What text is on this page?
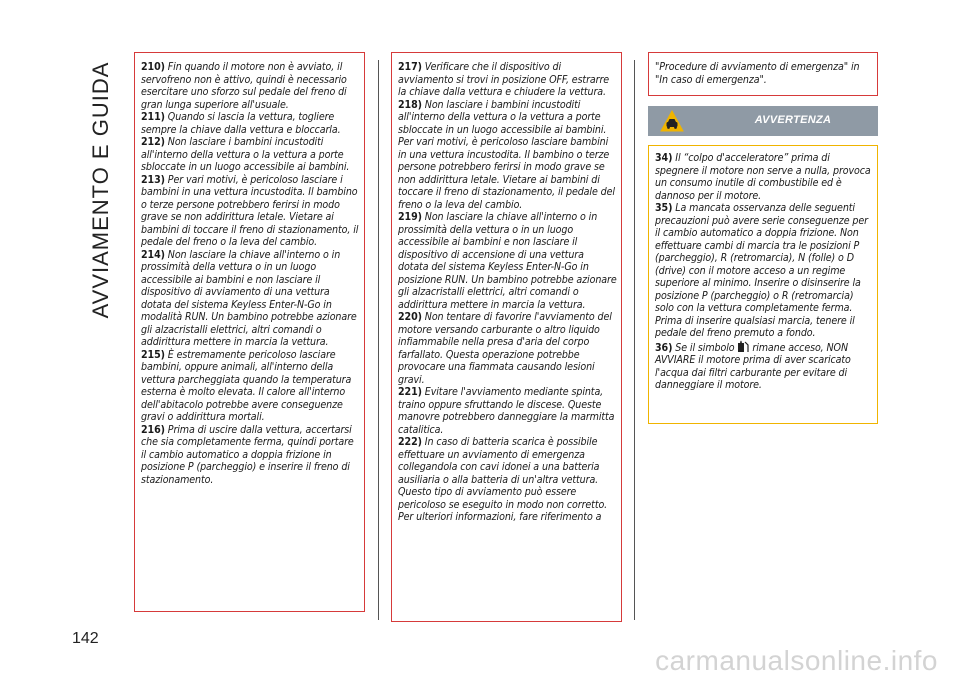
AVVIAMENTO E GUIDA	210) Fin quando il motore non è avviato, il servofreno non è attivo, quindi è necessario esercitare uno sforzo sul pedale del freno di gran lunga superiore all'usuale.

211) Quando si lascia la vettura, togliere sempre la chiave dalla vettura e bloccarla.

212) Non lasciare i bambini incustoditi all'interno della vettura o la vettura a porte sbloccate in un luogo accessibile ai bambini.

213) Per vari motivi, è pericoloso lasciare i bambini in una vettura incustodita. Il bambino o terze persone potrebbero ferirsi in modo grave se non addirittura letale. Vietare ai bambini di toccare il freno di stazionamento, il pedale del freno o la leva del cambio.

214) Non lasciare la chiave all'interno o in prossimità della vettura o in un luogo accessibile ai bambini e non lasciare il dispositivo di avviamento di una vettura dotata del sistema Keyless Enter-N-Go in modalità RUN. Un bambino potrebbe azionare gli alzacristalli elettrici, altri comandi o addirittura mettere in marcia la vettura.

215) È estremamente pericoloso lasciare bambini, oppure animali, all'interno della vettura parcheggiata quando la temperatura esterna è molto elevata. Il calore all'interno dell'abitacolo potrebbe avere conseguenze gravi o addirittura mortali.

216) Prima di uscire dalla vettura, accertarsi che sia completamente ferma, quindi portare il cambio automatico a doppia frizione in posizione P (parcheggio) e inserire il freno di stazionamento.

217) Verificare che il dispositivo di avviamento si trovi in posizione OFF, estrarre la chiave dalla vettura e chiudere la vettura.

218) Non lasciare i bambini incustoditi all'interno della vettura o la vettura a porte sbloccate in un luogo accessibile ai bambini. Per vari motivi, è pericoloso lasciare bambini in una vettura incustodita. Il bambino o terze persone potrebbero ferirsi in modo grave se non addirittura letale. Vietare ai bambini di toccare il freno di stazionamento, il pedale del freno o la leva del cambio.

219) Non lasciare la chiave all'interno o in prossimità della vettura o in un luogo accessibile ai bambini e non lasciare il dispositivo di accensione di una vettura dotata del sistema Keyless Enter-N-Go in posizione RUN. Un bambino potrebbe azionare gli alzacristalli elettrici, altri comandi o addirittura mettere in marcia la vettura.

220) Non tentare di favorire l'avviamento del motore versando carburante o altro liquido infiammabile nella presa d'aria del corpo farfallato. Questa operazione potrebbe provocare una fiammata causando lesioni gravi.

221) Evitare l'avviamento mediante spinta, traino oppure sfruttando le discese. Queste manovre potrebbero danneggiare la marmitta catalitica.

222) In caso di batteria scarica è possibile effettuare un avviamento di emergenza collegandola con cavi idonei a una batteria ausiliaria o alla batteria di un'altra vettura. Questo tipo di avviamento può essere pericoloso se eseguito in modo non corretto. Per ulteriori informazioni, fare riferimento a

"Procedure di avviamento di emergenza" in "In caso di emergenza".

AVVERTENZA

34) Il “colpo d'acceleratore” prima di spegnere il motore non serve a nulla, provoca un consumo inutile di combustibile ed è dannoso per il motore.

35) La mancata osservanza delle seguenti precauzioni può avere serie conseguenze per il cambio automatico a doppia frizione. Non effettuare cambi di marcia tra le posizioni P (parcheggio), R (retromarcia), N (folle) o D (drive) con il motore acceso a un regime superiore al minimo. Inserire o disinserire la posizione P (parcheggio) o R (retromarcia) solo con la vettura completamente ferma. Prima di inserire qualsiasi marcia, tenere il pedale del freno premuto a fondo.

36) Se il simbolo rimane acceso, NON AVVIARE il motore prima di aver scaricato l'acqua dai filtri carburante per evitare di danneggiare il motore.

142
carmanualsonline.info
